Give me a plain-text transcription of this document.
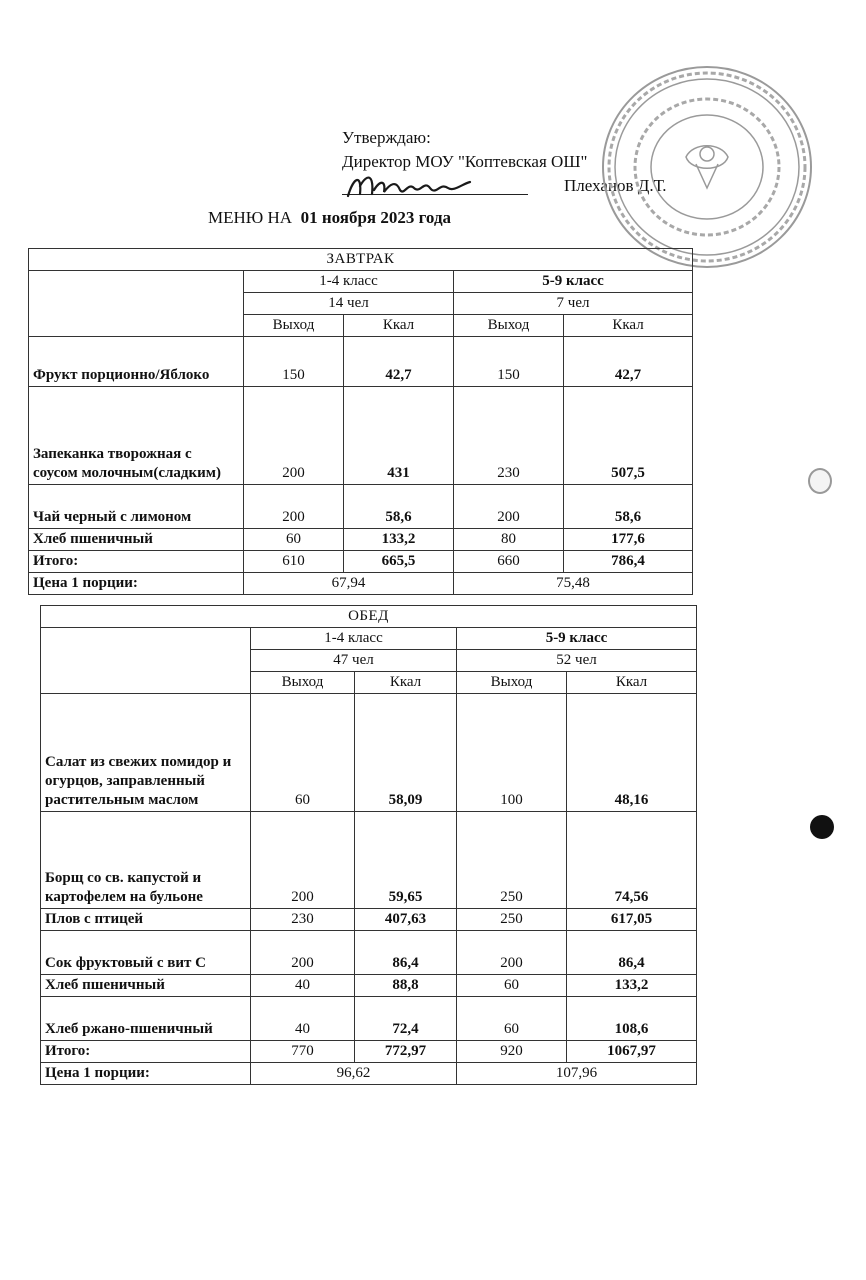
Утверждаю:
Директор МОУ "Коптевская ОШ"
Плеханов Д.Т.
МЕНЮ НА 01 ноября 2023 года
ЗАВТРАК				
	1-4 класс		5-9 класс	
	14 чел		7 чел	
	Выход	Ккал	Выход	Ккал
Фрукт порционно/Яблоко	150	42,7	150	42,7
Запеканка творожная с соусом молочным(сладким)	200	431	230	507,5
Чай черный с лимоном	200	58,6	200	58,6
Хлеб пшеничный	60	133,2	80	177,6
Итого:	610	665,5	660	786,4
Цена 1 порции:	67,94		75,48	
ОБЕД				
	1-4 класс		5-9 класс	
	47 чел		52 чел	
	Выход	Ккал	Выход	Ккал
Салат из свежих помидор и огурцов, заправленный растительным маслом	60	58,09	100	48,16
Борщ со св. капустой и картофелем на бульоне	200	59,65	250	74,56
Плов с птицей	230	407,63	250	617,05
Сок фруктовый с вит С	200	86,4	200	86,4
Хлеб пшеничный	40	88,8	60	133,2
Хлеб ржано-пшеничный	40	72,4	60	108,6
Итого:	770	772,97	920	1067,97
Цена 1 порции:	96,62		107,96	
